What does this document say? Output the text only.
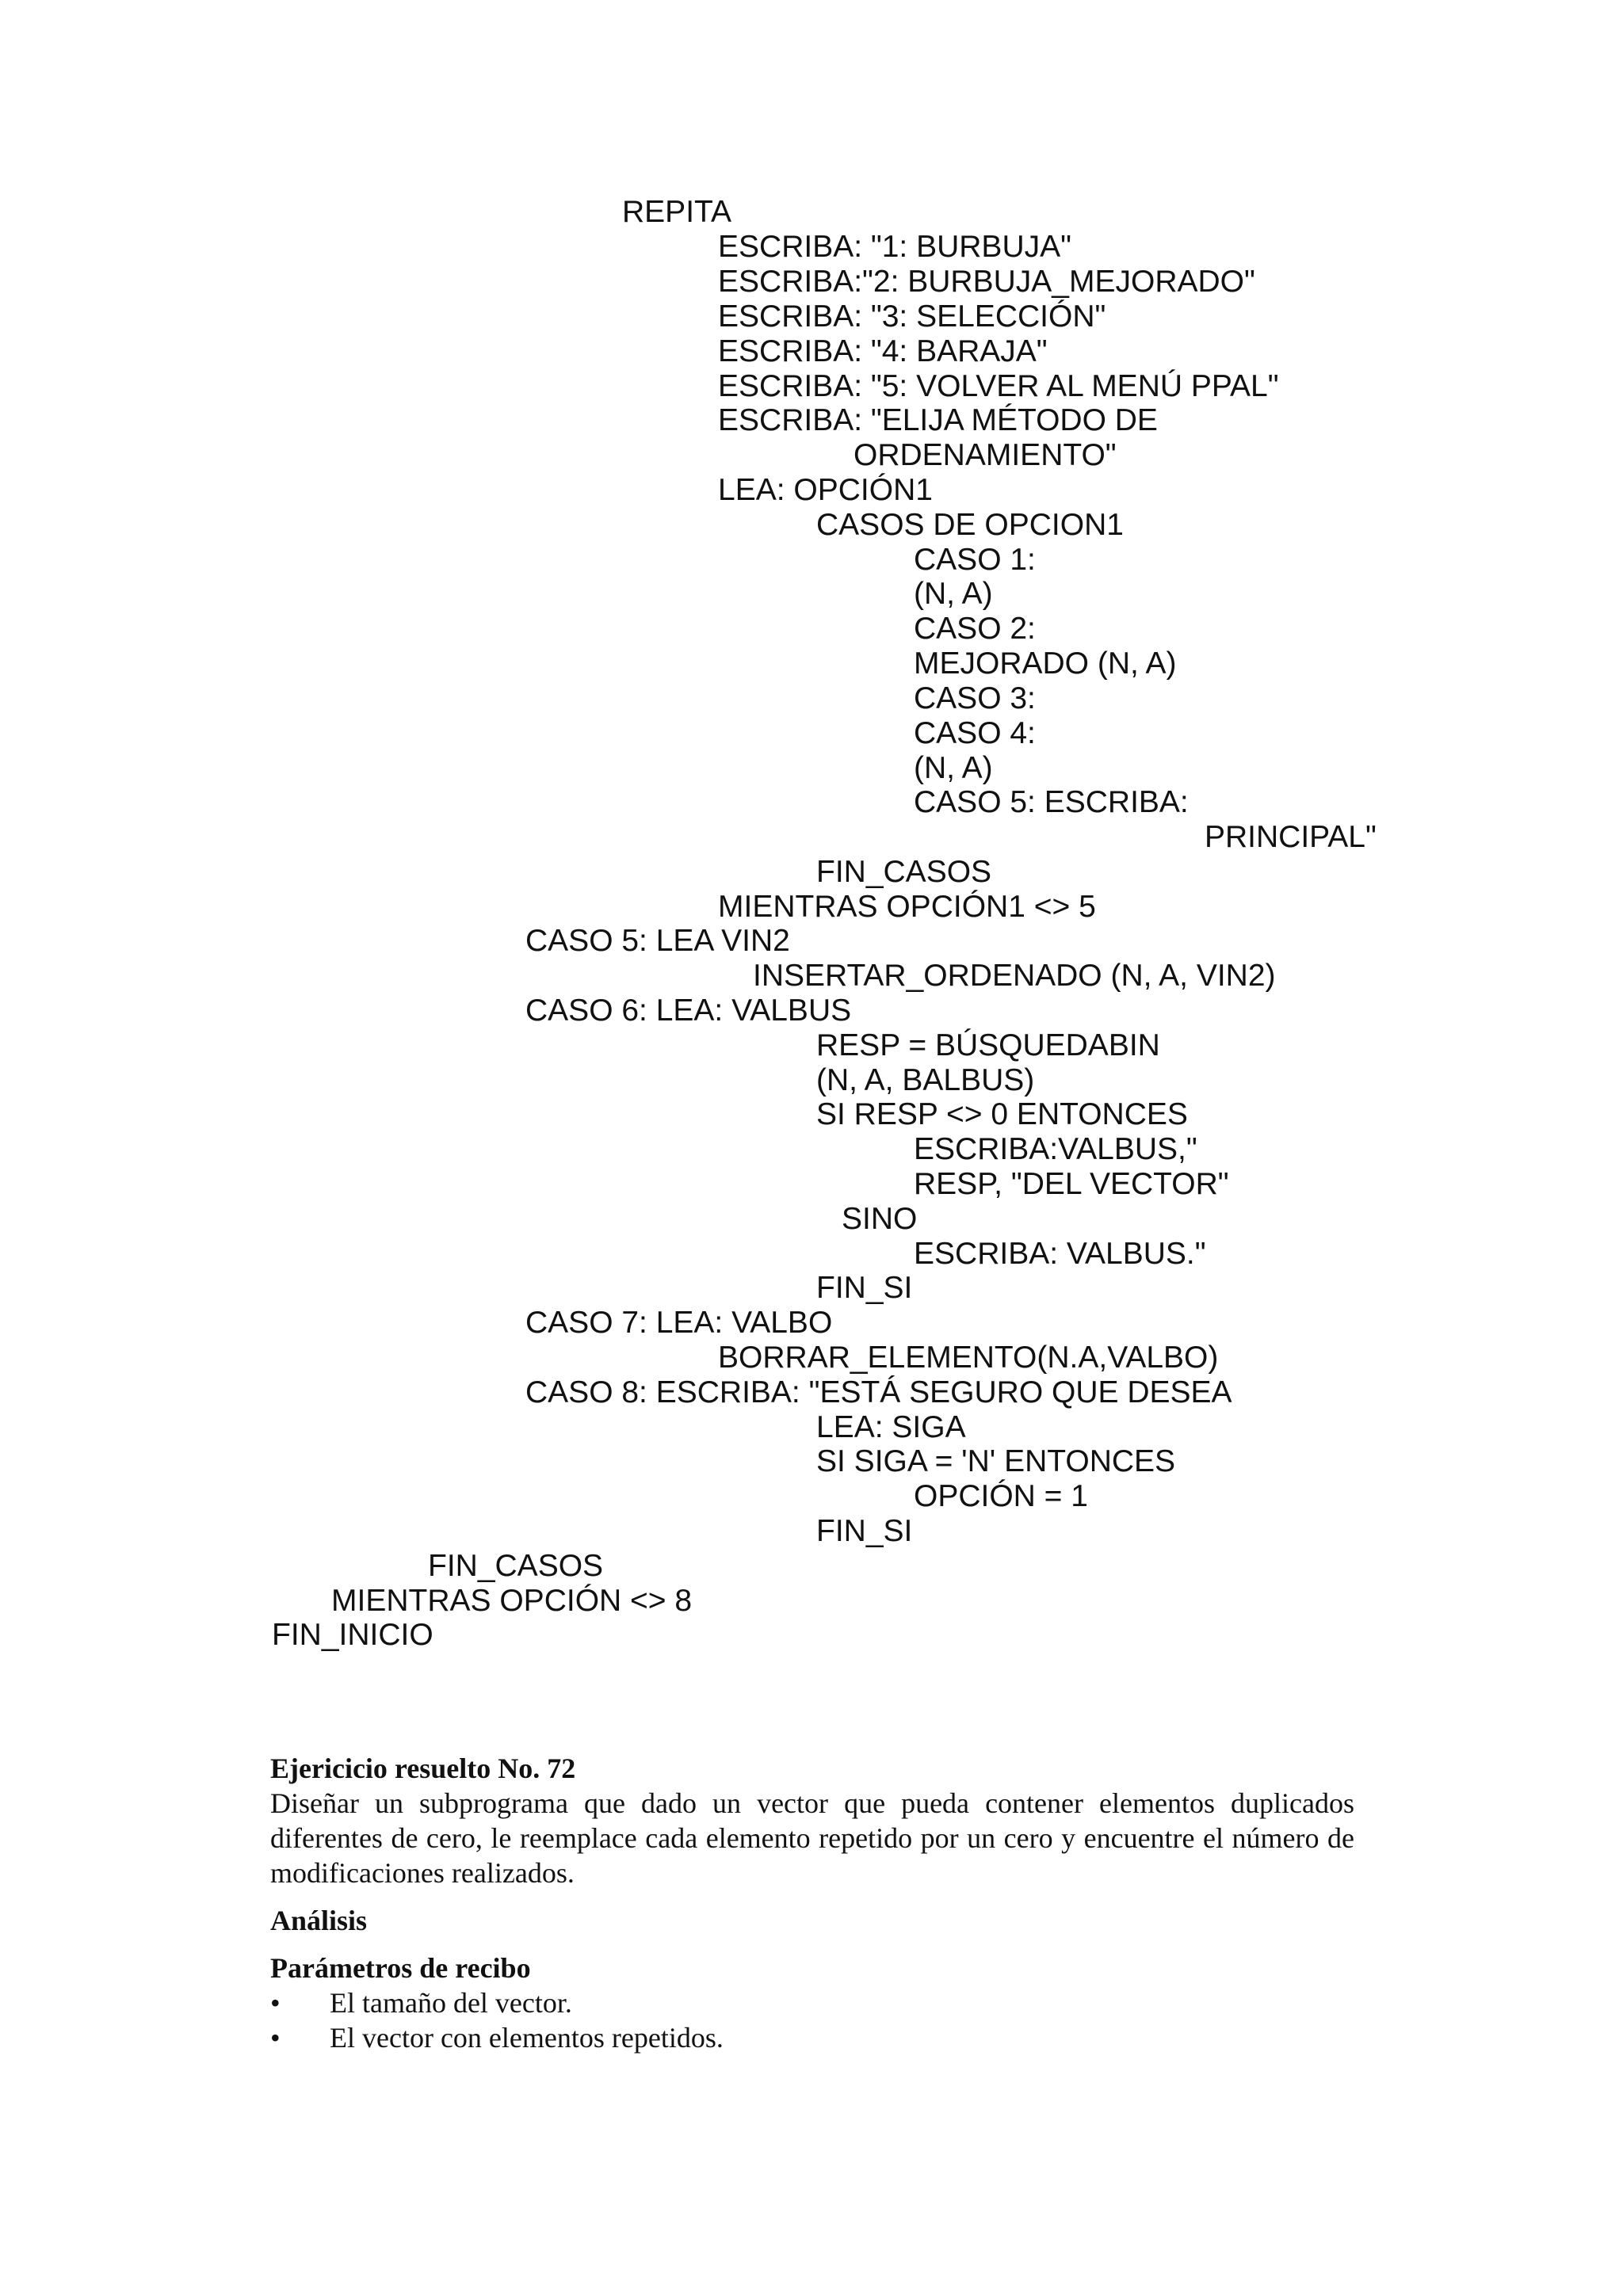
REPITA
ESCRIBA: "1: BURBUJA"
ESCRIBA:"2: BURBUJA_MEJORADO"
ESCRIBA: "3: SELECCIÓN"
ESCRIBA: "4: BARAJA"
ESCRIBA: "5: VOLVER AL MENÚ PPAL"
ESCRIBA: "ELIJA MÉTODO DE
ORDENAMIENTO"
LEA: OPCIÓN1
CASOS DE OPCION1
CASO 1:
(N, A)
CASO 2:
MEJORADO (N, A)
CASO 3:
CASO 4:
(N, A)
CASO 5: ESCRIBA:
PRINCIPAL"
FIN_CASOS
MIENTRAS OPCIÓN1 <> 5
CASO 5: LEA VIN2
INSERTAR_ORDENADO (N, A, VIN2)
CASO 6: LEA: VALBUS
RESP = BÚSQUEDABIN
(N, A, BALBUS)
SI RESP <> 0 ENTONCES
ESCRIBA:VALBUS,"
RESP, "DEL VECTOR"
SINO
ESCRIBA: VALBUS."
FIN_SI
CASO 7: LEA: VALBO
BORRAR_ELEMENTO(N.A,VALBO)
CASO 8: ESCRIBA: "ESTÁ SEGURO QUE DESEA
LEA: SIGA
SI SIGA = 'N' ENTONCES
OPCIÓN = 1
FIN_SI
FIN_CASOS
MIENTRAS OPCIÓN <> 8
FIN_INICIO

Ejericicio resuelto No. 72

Diseñar un subprograma que dado un vector que pueda contener elementos duplicados diferentes de cero, le reemplace cada elemento repetido por un cero y encuentre el número de modificaciones realizados.

Análisis

Parámetros de recibo

• El tamaño del vector.
• El vector con elementos repetidos.
